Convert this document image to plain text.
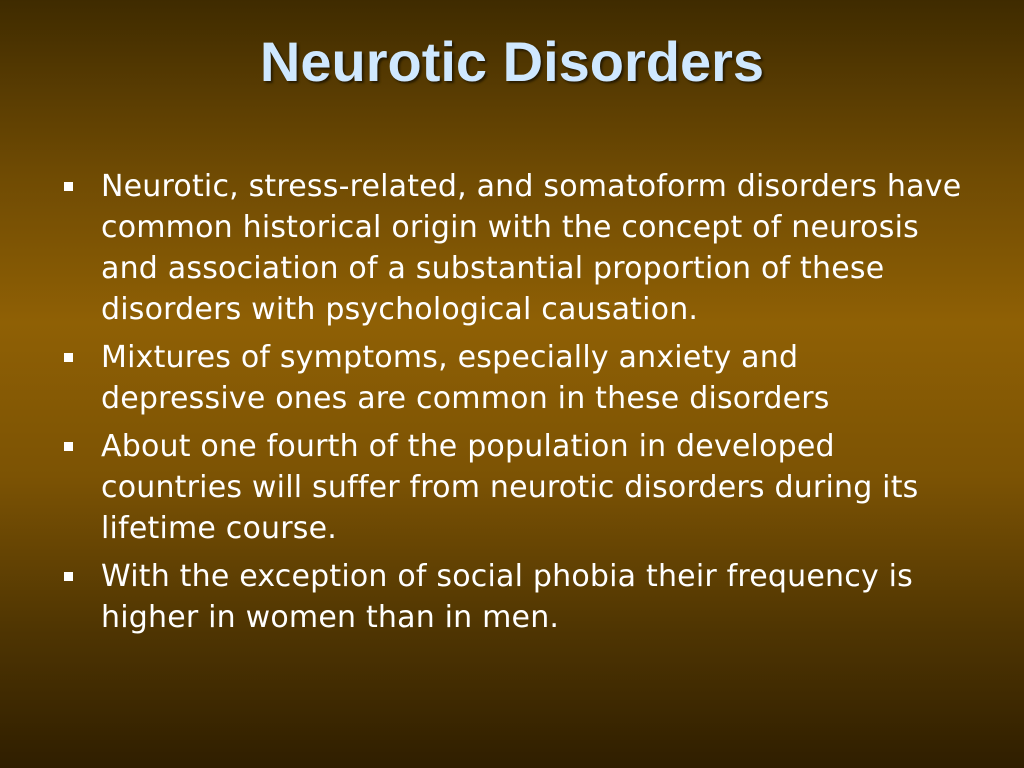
Neurotic Disorders
Neurotic, stress-related, and somatoform disorders have common historical origin with the concept of neurosis and association of a substantial proportion of these disorders with psychological causation.
Mixtures of symptoms, especially anxiety and depressive ones are common in these disorders
About one fourth of the population in developed countries will suffer from neurotic disorders during its lifetime course.
With the exception of social phobia their frequency is higher in women than in men.
